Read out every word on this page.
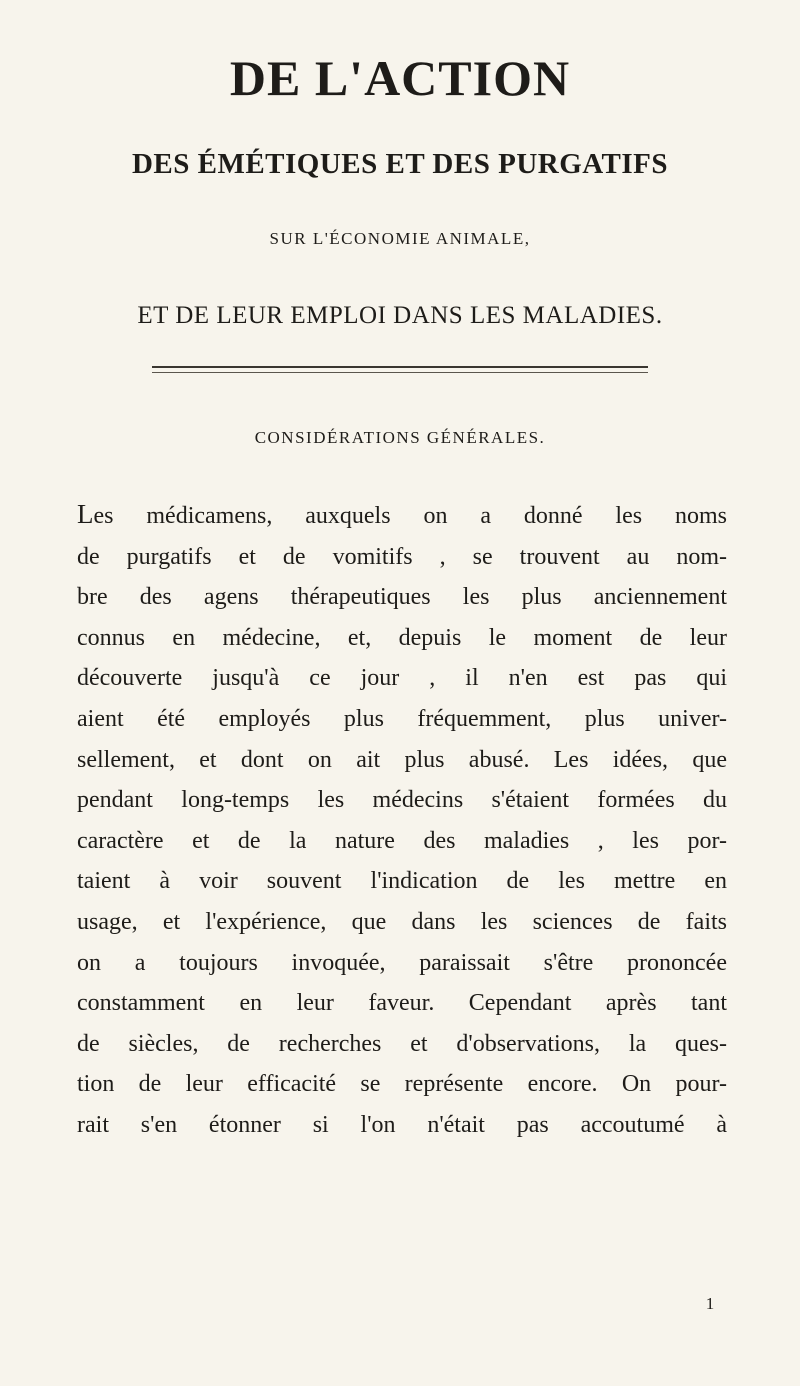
DE L'ACTION
DES ÉMÉTIQUES ET DES PURGATIFS
SUR L'ÉCONOMIE ANIMALE,
ET DE LEUR EMPLOI DANS LES MALADIES.
CONSIDÉRATIONS GÉNÉRALES.
Les médicamens, auxquels on a donné les noms
de purgatifs et de vomitifs , se trouvent au nom-
bre des agens thérapeutiques les plus anciennement
connus en médecine, et, depuis le moment de leur
découverte jusqu'à ce jour , il n'en est pas qui
aient été employés plus fréquemment, plus univer-
sellement, et dont on ait plus abusé. Les idées, que
pendant long-temps les médecins s'étaient formées du
caractère et de la nature des maladies , les por-
taient à voir souvent l'indication de les mettre en
usage, et l'expérience, que dans les sciences de faits
on a toujours invoquée, paraissait s'être prononcée
constamment en leur faveur. Cependant après tant
de siècles, de recherches et d'observations, la ques-
tion de leur efficacité se représente encore. On pour-
rait s'en étonner si l'on n'était pas accoutumé à
1
